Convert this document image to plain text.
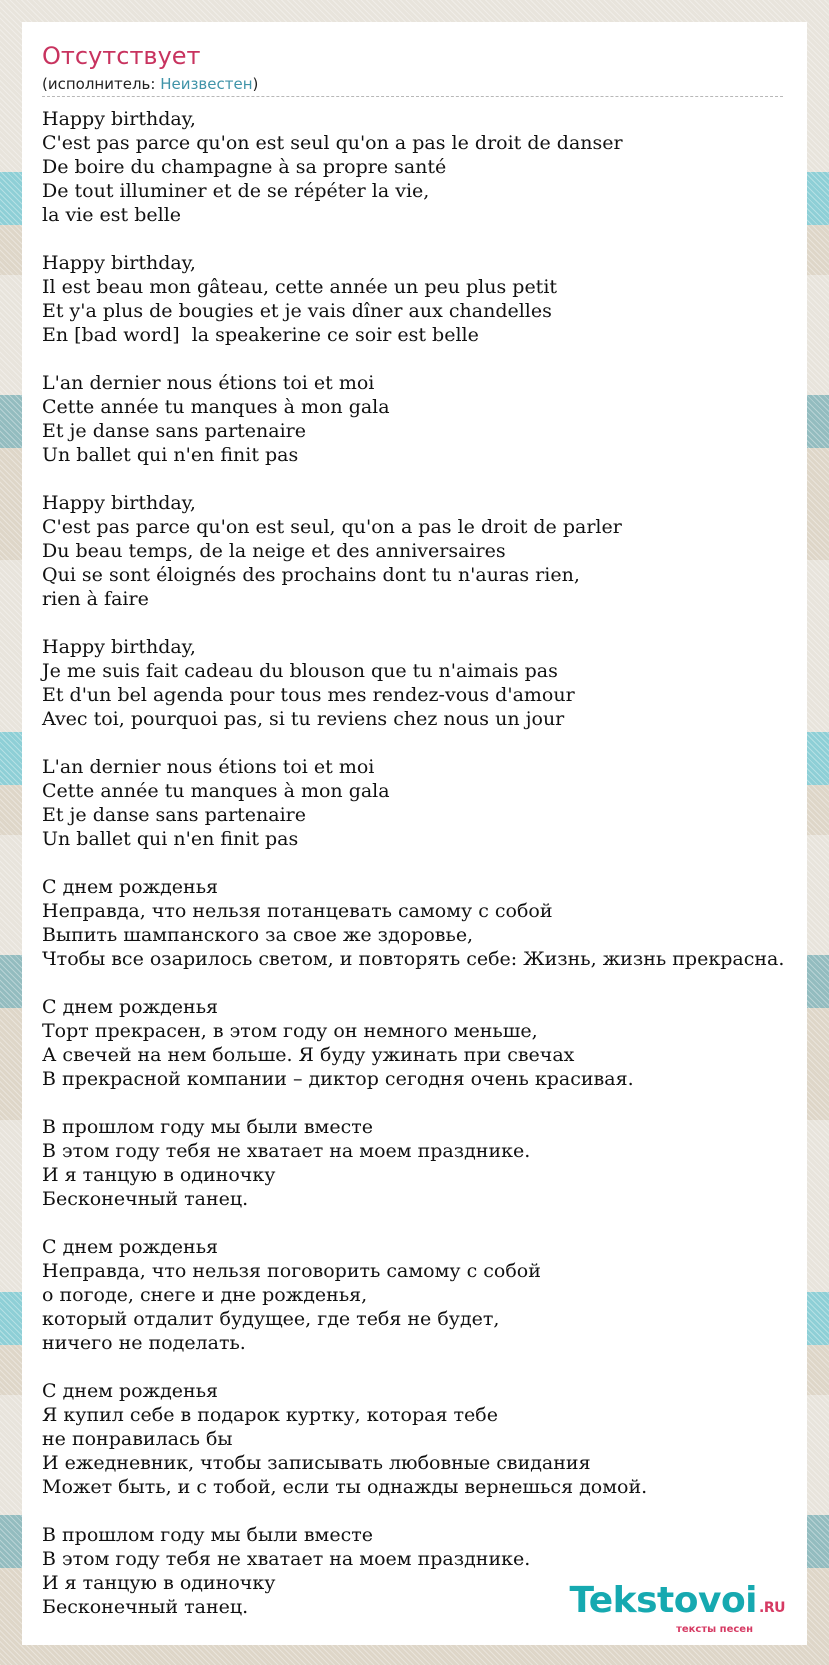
Отсутствует
(исполнитель: Неизвестен)
Happy birthday,
C'est pas parce qu'on est seul qu'on a pas le droit de danser
De boire du champagne à sa propre santé
De tout illuminer et de se répéter la vie,
la vie est belle
Happy birthday,
Il est beau mon gâteau, cette année un peu plus petit
Et y'a plus de bougies et je vais dîner aux chandelles
En [bad word]  la speakerine ce soir est belle
L'an dernier nous étions toi et moi
Cette année tu manques à mon gala
Et je danse sans partenaire
Un ballet qui n'en finit pas
Happy birthday,
C'est pas parce qu'on est seul, qu'on a pas le droit de parler
Du beau temps, de la neige et des anniversaires
Qui se sont éloignés des prochains dont tu n'auras rien,
rien à faire
Happy birthday,
Je me suis fait cadeau du blouson que tu n'aimais pas
Et d'un bel agenda pour tous mes rendez-vous d'amour
Avec toi, pourquoi pas, si tu reviens chez nous un jour
L'an dernier nous étions toi et moi
Cette année tu manques à mon gala
Et je danse sans partenaire
Un ballet qui n'en finit pas
С днем рожденья
Неправда, что нельзя потанцевать самому с собой
Выпить шампанского за свое же здоровье,
Чтобы все озарилось светом, и повторять себе: Жизнь, жизнь прекрасна.
С днем рожденья
Торт прекрасен, в этом году он немного меньше,
А свечей на нем больше. Я буду ужинать при свечах
В прекрасной компании – диктор сегодня очень красивая.
В прошлом году мы были вместе
В этом году тебя не хватает на моем празднике.
И я танцую в одиночку
Бесконечный танец.
С днем рожденья
Неправда, что нельзя поговорить самому с собой
о погоде, снеге и дне рожденья,
который отдалит будущее, где тебя не будет,
ничего не поделать.
С днем рожденья
Я купил себе в подарок куртку, которая тебе
не понравилась бы
И ежедневник, чтобы записывать любовные свидания
Может быть, и с тобой, если ты однажды вернешься домой.
В прошлом году мы были вместе
В этом году тебя не хватает на моем празднике.
И я танцую в одиночку
Бесконечный танец.	Tekstovoi .RU
тексты песен
